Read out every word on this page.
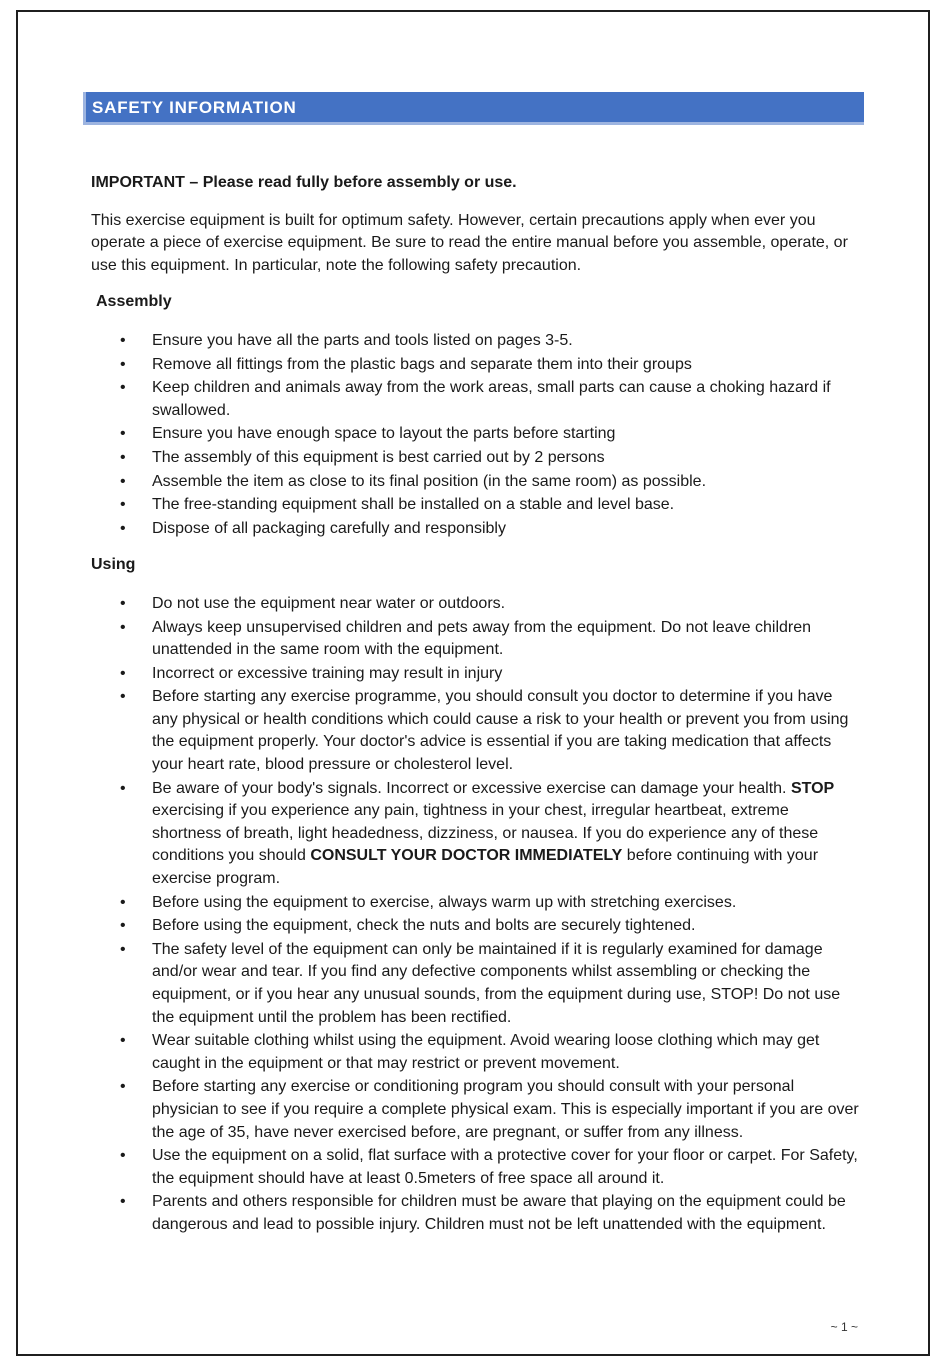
SAFETY INFORMATION

IMPORTANT – Please read fully before assembly or use.

This exercise equipment is built for optimum safety. However, certain precautions apply when ever you operate a piece of exercise equipment. Be sure to read the entire manual before you assemble, operate, or use this equipment. In particular, note the following safety precaution.

Assembly

• Ensure you have all the parts and tools listed on pages 3-5.
• Remove all fittings from the plastic bags and separate them into their groups
• Keep children and animals away from the work areas, small parts can cause a choking hazard if swallowed.
• Ensure you have enough space to layout the parts before starting
• The assembly of this equipment is best carried out by 2 persons
• Assemble the item as close to its final position (in the same room) as possible.
• The free-standing equipment shall be installed on a stable and level base.
• Dispose of all packaging carefully and responsibly

Using

• Do not use the equipment near water or outdoors.
• Always keep unsupervised children and pets away from the equipment. Do not leave children unattended in the same room with the equipment.
• Incorrect or excessive training may result in injury
• Before starting any exercise programme, you should consult you doctor to determine if you have any physical or health conditions which could cause a risk to your health or prevent you from using the equipment properly. Your doctor's advice is essential if you are taking medication that affects your heart rate, blood pressure or cholesterol level.
• Be aware of your body's signals. Incorrect or excessive exercise can damage your health. STOP exercising if you experience any pain, tightness in your chest, irregular heartbeat, extreme shortness of breath, light headedness, dizziness, or nausea. If you do experience any of these conditions you should CONSULT YOUR DOCTOR IMMEDIATELY before continuing with your exercise program.
• Before using the equipment to exercise, always warm up with stretching exercises.
• Before using the equipment, check the nuts and bolts are securely tightened.
• The safety level of the equipment can only be maintained if it is regularly examined for damage and/or wear and tear. If you find any defective components whilst assembling or checking the equipment, or if you hear any unusual sounds, from the equipment during use, STOP! Do not use the equipment until the problem has been rectified.
• Wear suitable clothing whilst using the equipment. Avoid wearing loose clothing which may get caught in the equipment or that may restrict or prevent movement.
• Before starting any exercise or conditioning program you should consult with your personal physician to see if you require a complete physical exam. This is especially important if you are over the age of 35, have never exercised before, are pregnant, or suffer from any illness.
• Use the equipment on a solid, flat surface with a protective cover for your floor or carpet. For Safety, the equipment should have at least 0.5meters of free space all around it.
• Parents and others responsible for children must be aware that playing on the equipment could be dangerous and lead to possible injury. Children must not be left unattended with the equipment.
~ 1 ~
